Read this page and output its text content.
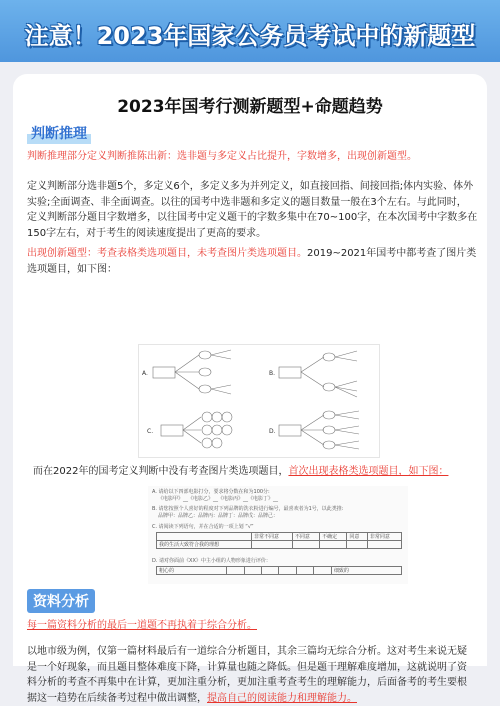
注意！2023年国家公务员考试中的新题型
2023年国考行测新题型+命题趋势
判断推理
判断推理部分定义判断推陈出新：选非题与多定义占比提升，字数增多，出现创新题型。
定义判断部分选非题5个，多定义6个，多定义多为并列定义，如直接回指、间接回指;体内实验、体外
实验;全面调查、非全面调查。以往的国考中选非题和多定义的题目数量一般在3个左右。与此同时，
定义判断部分题目字数增多，以往国考中定义题干的字数多集中在70~100字，在本次国考中字数多在
150字左右，对于考生的阅读速度提出了更高的要求。
出现创新题型：考查表格类选项题目，未考查图片类选项题目。2019~2021年国考中都考查了图片类
选项题目，如下图：
A.	B.
C.	D.
而在2022年的国考定义判断中没有考查图片类选项题目，首次出现表格类选项题目，如下图：
A. 请给以下四部电影打分，要求将分数在和为100分:
《电影甲》__《电影乙》__《电影丙》__《电影丁》__
B. 请您按照个人喜好的程度对下列品牌的洗衣粉进行编号，最喜欢者为1号，以此类推:
品牌甲：品牌乙：品牌丙：品牌丁：品牌戊：品牌己：
C. 请阅读下列语句，并在合适的一项上划 “√”
	非常不同意	不同意	不确定	同意	非常同意
我的生活大致符合我的理想					
D. 请对你面前《XX》中主小组的人物形象进行评价：
粗心的							细致的
资料分析
每一篇资料分析的最后一道题不再执着于综合分析。
以地市级为例，仅第一篇材料最后有一道综合分析题目，其余三篇均无综合分析。这对考生来说无疑
是一个好现象，而且题目整体难度下降，计算量也随之降低。但是题干理解难度增加，这就说明了资
料分析的考查不再集中在计算，更加注重分析，更加注重考查考生的理解能力，后面备考的考生要根
据这一趋势在后续备考过程中做出调整，提高自己的阅读能力和理解能力。
